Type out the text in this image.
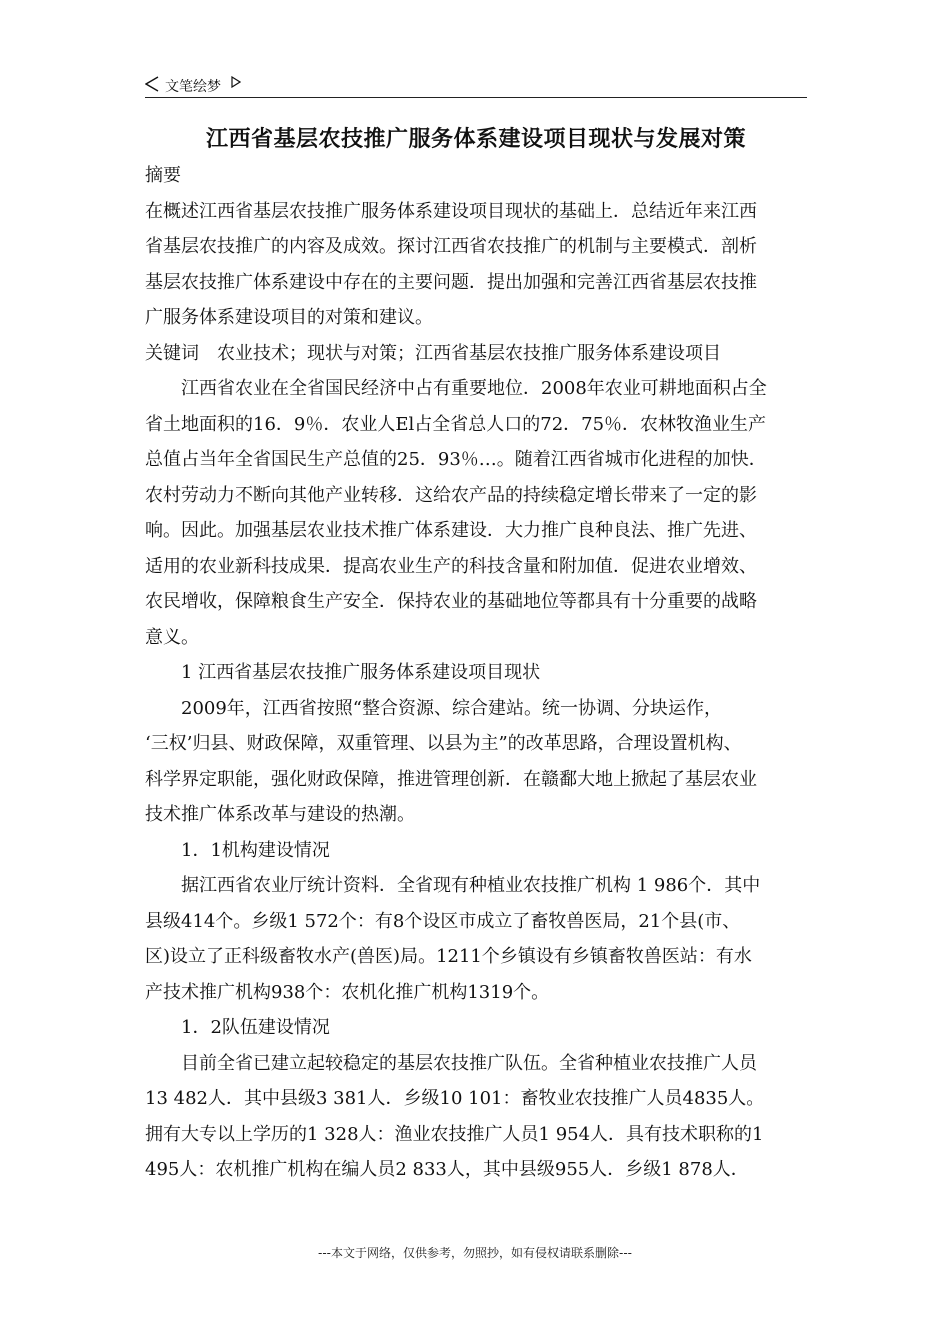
文笔绘梦
江西省基层农技推广服务体系建设项目现状与发展对策
摘要
在概述江西省基层农技推广服务体系建设项目现状的基础上．总结近年来江西
省基层农技推广的内容及成效。探讨江西省农技推广的机制与主要模式．剖析
基层农技推广体系建设中存在的主要问题．提出加强和完善江西省基层农技推
广服务体系建设项目的对策和建议。
关键词　农业技术；现状与对策；江西省基层农技推广服务体系建设项目
江西省农业在全省国民经济中占有重要地位．2008年农业可耕地面积占全
省土地面积的16．9％．农业人El占全省总人口的72．75％．农林牧渔业生产
总值占当年全省国民生产总值的25．93％…。随着江西省城市化进程的加快．
农村劳动力不断向其他产业转移．这给农产品的持续稳定增长带来了一定的影
响。因此。加强基层农业技术推广体系建设．大力推广良种良法、推广先进、
适用的农业新科技成果．提高农业生产的科技含量和附加值．促进农业增效、
农民增收，保障粮食生产安全．保持农业的基础地位等都具有十分重要的战略
意义。
1 江西省基层农技推广服务体系建设项目现状
2009年，江西省按照“整合资源、综合建站。统一协调、分块运作，
‘三权’归县、财政保障，双重管理、以县为主”的改革思路，合理设置机构、
科学界定职能，强化财政保障，推进管理创新．在赣鄱大地上掀起了基层农业
技术推广体系改革与建设的热潮。
1．1机构建设情况
据江西省农业厅统计资料．全省现有种植业农技推广机构 1 986个．其中
县级414个。乡级1 572个：有8个设区市成立了畜牧兽医局，21个县(市、
区)设立了正科级畜牧水产(兽医)局。1211个乡镇设有乡镇畜牧兽医站：有水
产技术推广机构938个：农机化推广机构1319个。
1．2队伍建设情况
目前全省已建立起较稳定的基层农技推广队伍。全省种植业农技推广人员
13 482人．其中县级3 381人．乡级10 101：畜牧业农技推广人员4835人。
拥有大专以上学历的1 328人：渔业农技推广人员1 954人．具有技术职称的1
495人：农机推广机构在编人员2 833人，其中县级955人．乡级1 878人．
---本文于网络，仅供参考，勿照抄，如有侵权请联系删除---
